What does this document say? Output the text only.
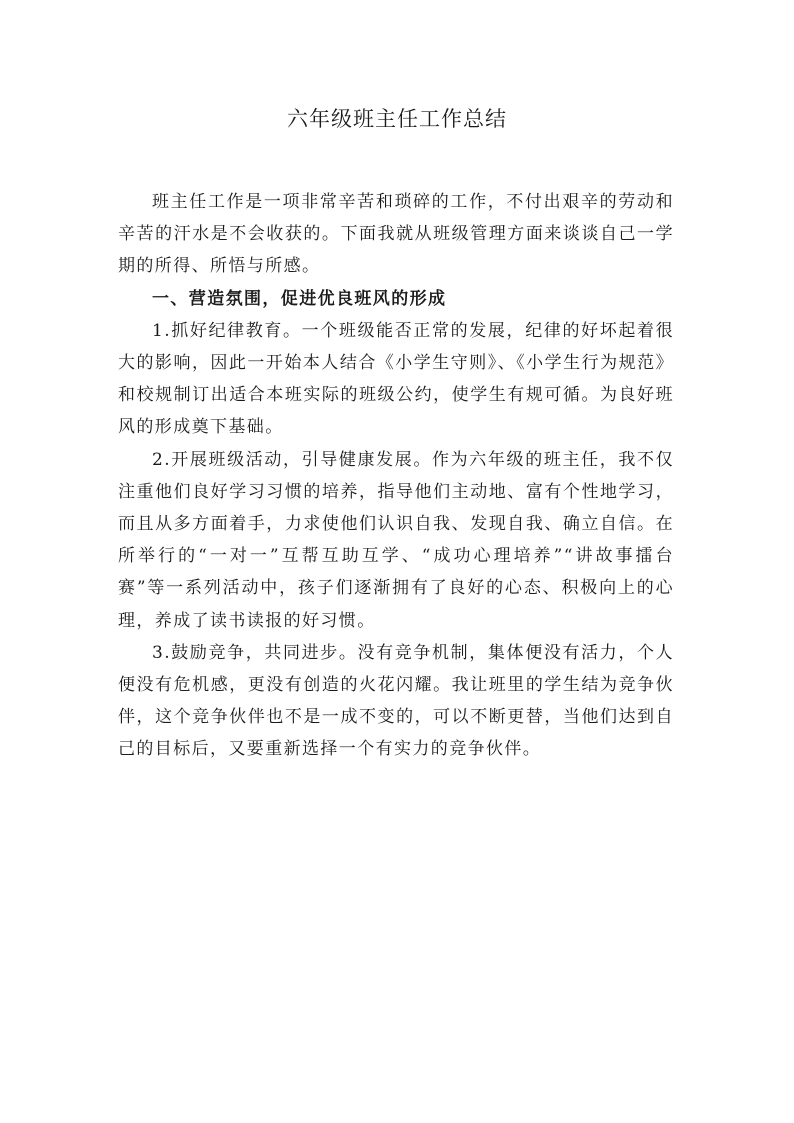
六年级班主任工作总结

班主任工作是一项非常辛苦和琐碎的工作，不付出艰辛的劳动和辛苦的汗水是不会收获的。下面我就从班级管理方面来谈谈自己一学期的所得、所悟与所感。

一、营造氛围，促进优良班风的形成

1.抓好纪律教育。一个班级能否正常的发展，纪律的好坏起着很大的影响，因此一开始本人结合《小学生守则》、《小学生行为规范》和校规制订出适合本班实际的班级公约，使学生有规可循。为良好班风的形成奠下基础。

2.开展班级活动，引导健康发展。作为六年级的班主任，我不仅注重他们良好学习习惯的培养，指导他们主动地、富有个性地学习，而且从多方面着手，力求使他们认识自我、发现自我、确立自信。在所举行的“一对一”互帮互助互学、“成功心理培养”“讲故事擂台赛”等一系列活动中，孩子们逐渐拥有了良好的心态、积极向上的心理，养成了读书读报的好习惯。

3.鼓励竞争，共同进步。没有竞争机制，集体便没有活力，个人便没有危机感，更没有创造的火花闪耀。我让班里的学生结为竞争伙伴，这个竞争伙伴也不是一成不变的，可以不断更替，当他们达到自己的目标后，又要重新选择一个有实力的竞争伙伴。
